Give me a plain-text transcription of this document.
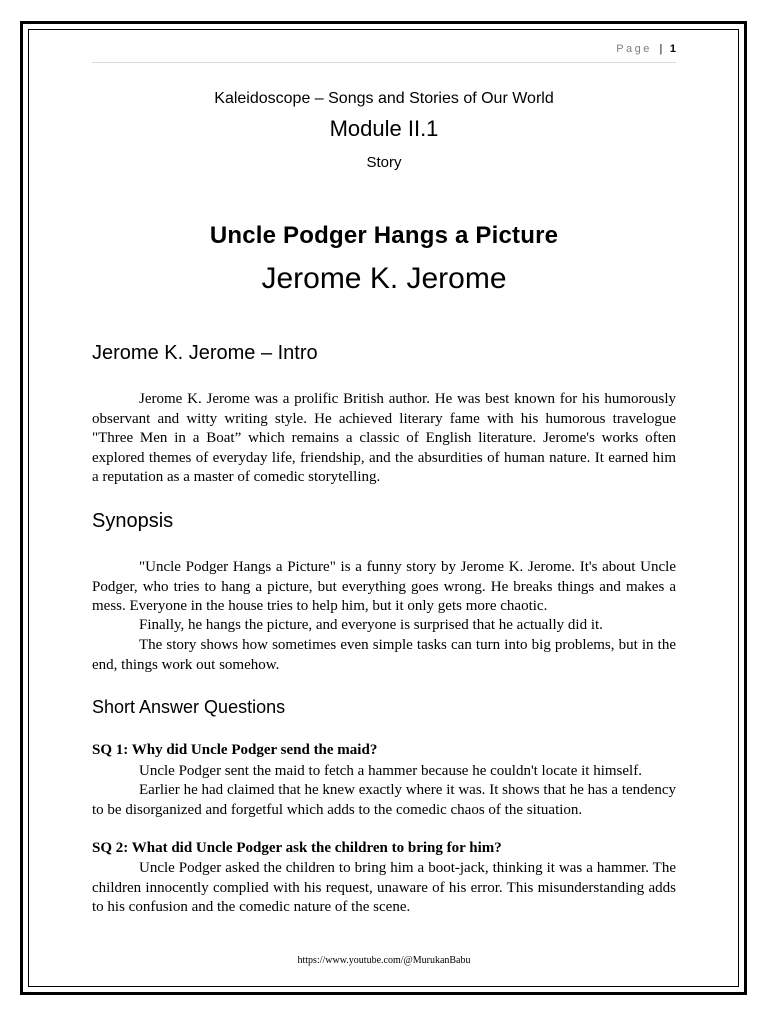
Page | 1
Kaleidoscope – Songs and Stories of Our World
Module II.1
Story
Uncle Podger Hangs a Picture
Jerome K. Jerome
Jerome K. Jerome – Intro

Jerome K. Jerome was a prolific British author. He was best known for his humorously observant and witty writing style. He achieved literary fame with his humorous travelogue "Three Men in a Boat” which remains a classic of English literature. Jerome's works often explored themes of everyday life, friendship, and the absurdities of human nature. It earned him a reputation as a master of comedic storytelling.

Synopsis

"Uncle Podger Hangs a Picture" is a funny story by Jerome K. Jerome. It's about Uncle Podger, who tries to hang a picture, but everything goes wrong. He breaks things and makes a mess. Everyone in the house tries to help him, but it only gets more chaotic.

Finally, he hangs the picture, and everyone is surprised that he actually did it.

The story shows how sometimes even simple tasks can turn into big problems, but in the end, things work out somehow.

Short Answer Questions
SQ 1: Why did Uncle Podger send the maid?

Uncle Podger sent the maid to fetch a hammer because he couldn't locate it himself.

Earlier he had claimed that he knew exactly where it was. It shows that he has a tendency to be disorganized and forgetful which adds to the comedic chaos of the situation.

SQ 2: What did Uncle Podger ask the children to bring for him?

Uncle Podger asked the children to bring him a boot-jack, thinking it was a hammer. The children innocently complied with his request, unaware of his error. This misunderstanding adds to his confusion and the comedic nature of the scene.

https://www.youtube.com/@MurukanBabu
